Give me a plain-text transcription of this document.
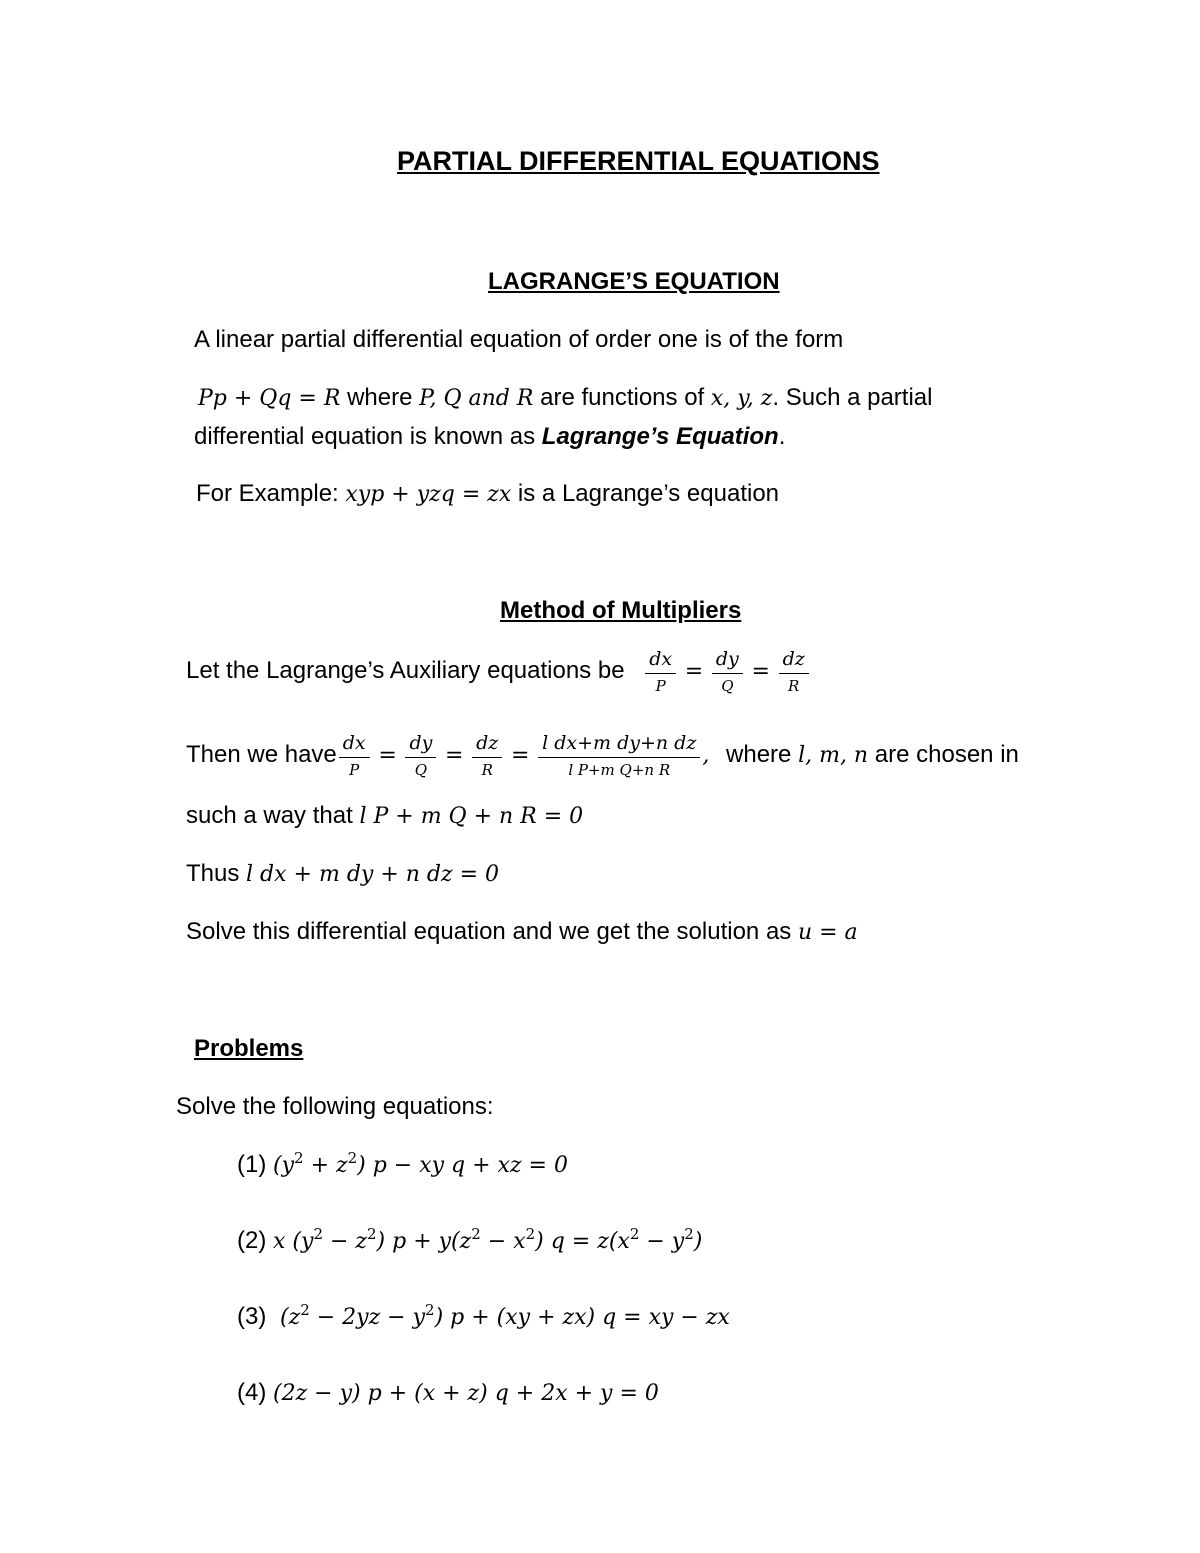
PARTIAL DIFFERENTIAL EQUATIONS
LAGRANGE’S EQUATION
A linear partial differential equation of order one is of the form
Pp + Qq = R where P, Q and R are functions of x, y, z. Such a partial
differential equation is known as Lagrange’s Equation.
For Example: xyp + yzq = zx is a Lagrange’s equation
Method of Multipliers
Let the Lagrange’s Auxiliary equations be $\frac{dx}{P} = \frac{dy}{Q} = \frac{dz}{R}$
Then we have $\frac{dx}{P} = \frac{dy}{Q} = \frac{dz}{R} = \frac{\text{l dx+m dy+n dz}}{\text{l P+m Q+n R}}$ , where l, m, n are chosen in
such a way that l P + m Q + n R = 0
Thus l dx + m dy + n dz = 0
Solve this differential equation and we get the solution as u = a
Problems
Solve the following equations:
(1) $(y^2 + z^2) p$ − xy q + xz = 0
(2) x $(y^2 - z^2) p + y(z^2 - x^2) q = z(x^2 - y^2)$
(3)  $(z^2 - 2yz - y^2) p + (xy + zx) q$ = xy − zx
(4) (2z − y) p + (x + z) q + 2x + y = 0
